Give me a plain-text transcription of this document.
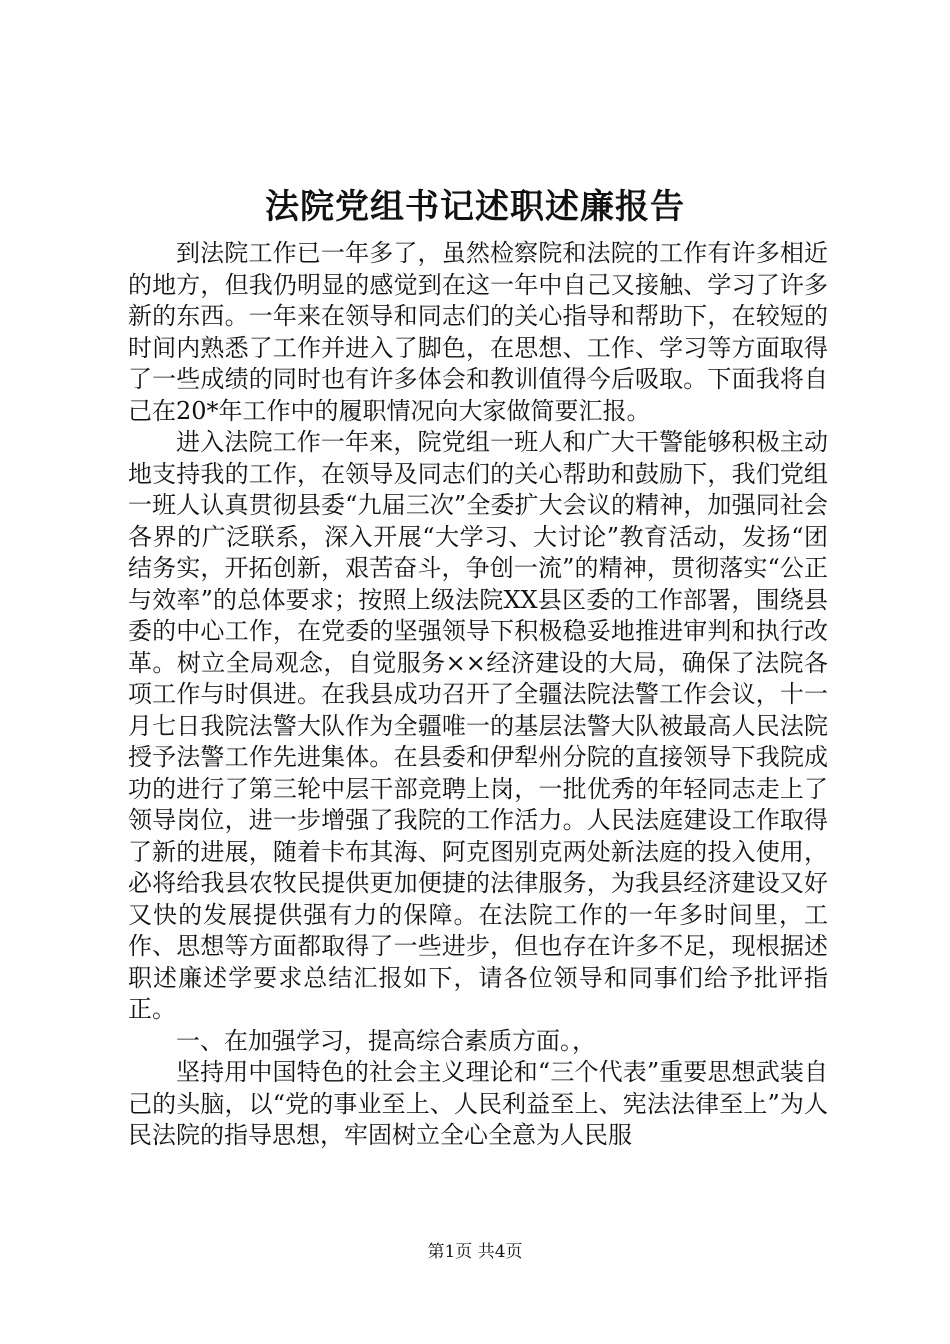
法院党组书记述职述廉报告

到法院工作已一年多了，虽然检察院和法院的工作有许多相近的地方，但我仍明显的感觉到在这一年中自己又接触、学习了许多新的东西。一年来在领导和同志们的关心指导和帮助下，在较短的时间内熟悉了工作并进入了脚色，在思想、工作、学习等方面取得了一些成绩的同时也有许多体会和教训值得今后吸取。下面我将自己在20*年工作中的履职情况向大家做简要汇报。

进入法院工作一年来，院党组一班人和广大干警能够积极主动地支持我的工作，在领导及同志们的关心帮助和鼓励下，我们党组一班人认真贯彻县委“九届三次”全委扩大会议的精神，加强同社会各界的广泛联系，深入开展“大学习、大讨论”教育活动，发扬“团结务实，开拓创新，艰苦奋斗，争创一流”的精神，贯彻落实“公正与效率”的总体要求；按照上级法院XX县区委的工作部署，围绕县委的中心工作，在党委的坚强领导下积极稳妥地推进审判和执行改革。树立全局观念，自觉服务××经济建设的大局，确保了法院各项工作与时俱进。在我县成功召开了全疆法院法警工作会议，十一月七日我院法警大队作为全疆唯一的基层法警大队被最高人民法院授予法警工作先进集体。在县委和伊犁州分院的直接领导下我院成功的进行了第三轮中层干部竞聘上岗，一批优秀的年轻同志走上了领导岗位，进一步增强了我院的工作活力。人民法庭建设工作取得了新的进展，随着卡布其海、阿克图别克两处新法庭的投入使用，必将给我县农牧民提供更加便捷的法律服务，为我县经济建设又好又快的发展提供强有力的保障。在法院工作的一年多时间里，工作、思想等方面都取得了一些进步，但也存在许多不足，现根据述职述廉述学要求总结汇报如下，请各位领导和同事们给予批评指正。

一、在加强学习，提高综合素质方面。，

坚持用中国特色的社会主义理论和“三个代表”重要思想武装自己的头脑，以“党的事业至上、人民利益至上、宪法法律至上”为人民法院的指导思想，牢固树立全心全意为人民服

第1页 共4页
